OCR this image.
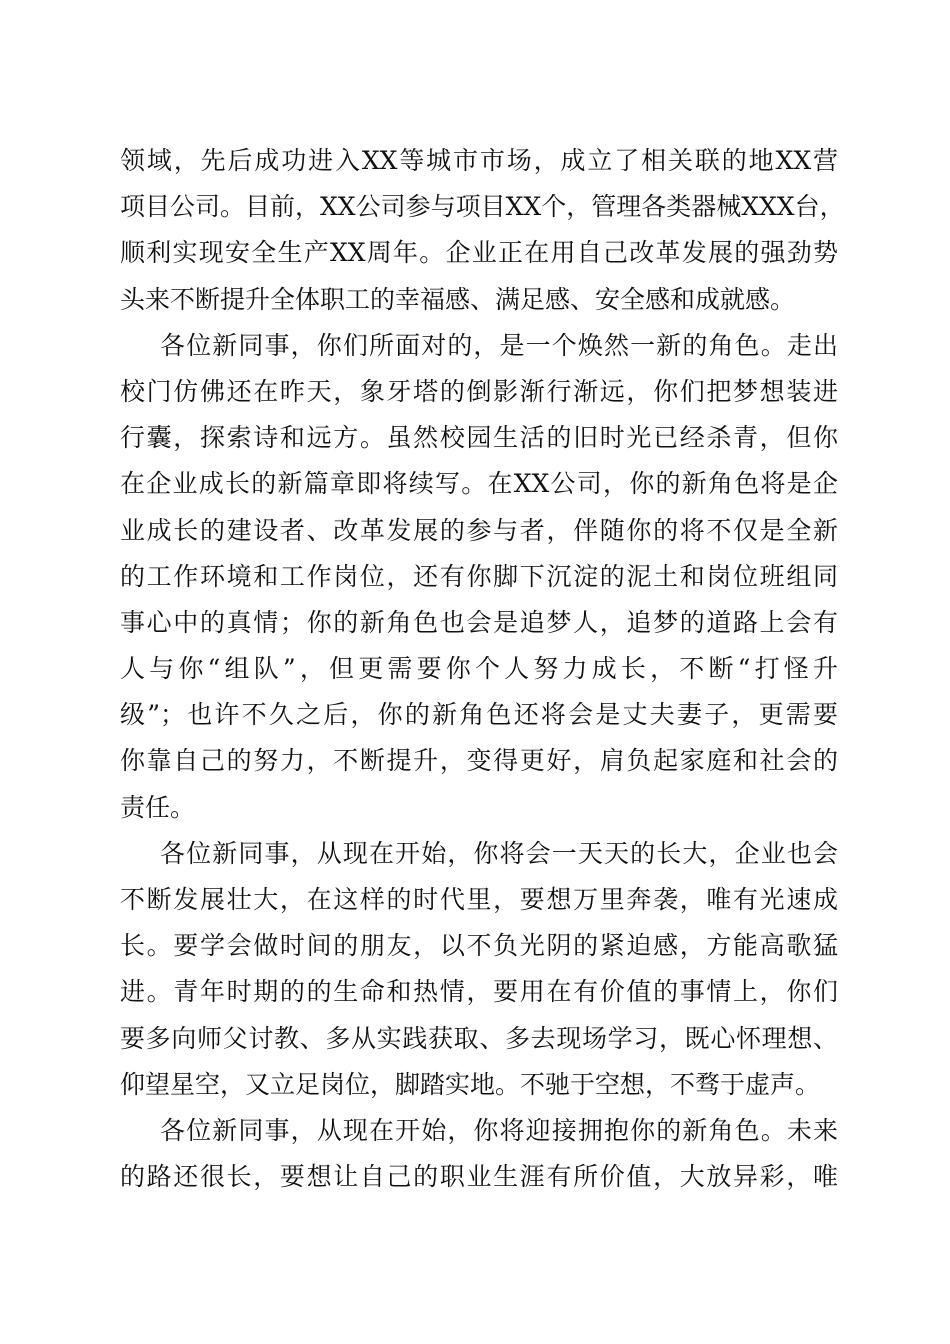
领域，先后成功进入XX等城市市场，成立了相关联的地XX营
项目公司。目前，XX公司参与项目XX个，管理各类器械XXX台，
顺利实现安全生产XX周年。企业正在用自己改革发展的强劲势
头来不断提升全体职工的幸福感、满足感、安全感和成就感。
各位新同事，你们所面对的，是一个焕然一新的角色。走出
校门仿佛还在昨天，象牙塔的倒影渐行渐远，你们把梦想装进
行囊，探索诗和远方。虽然校园生活的旧时光已经杀青，但你
在企业成长的新篇章即将续写。在XX公司，你的新角色将是企
业成长的建设者、改革发展的参与者，伴随你的将不仅是全新
的工作环境和工作岗位，还有你脚下沉淀的泥土和岗位班组同
事心中的真情；你的新角色也会是追梦人，追梦的道路上会有
人与你“组队”，但更需要你个人努力成长，不断“打怪升
级”；也许不久之后，你的新角色还将会是丈夫妻子，更需要
你靠自己的努力，不断提升，变得更好，肩负起家庭和社会的
责任。
各位新同事，从现在开始，你将会一天天的长大，企业也会
不断发展壮大，在这样的时代里，要想万里奔袭，唯有光速成
长。要学会做时间的朋友，以不负光阴的紧迫感，方能高歌猛
进。青年时期的的生命和热情，要用在有价值的事情上，你们
要多向师父讨教、多从实践获取、多去现场学习，既心怀理想、
仰望星空，又立足岗位，脚踏实地。不驰于空想，不骛于虚声。
各位新同事，从现在开始，你将迎接拥抱你的新角色。未来
的路还很长，要想让自己的职业生涯有所价值，大放异彩，唯
